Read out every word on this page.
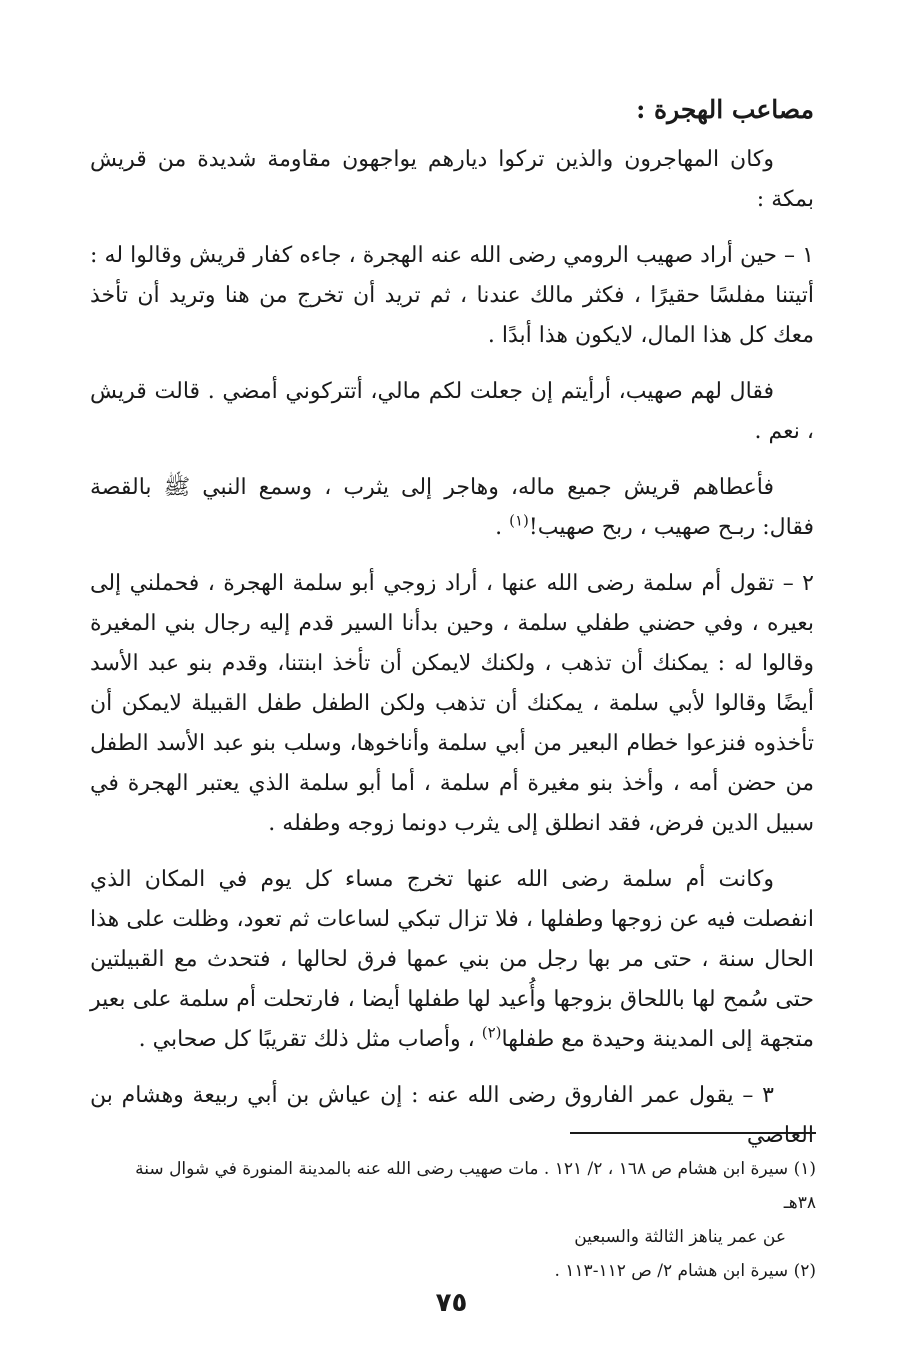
مصاعب الهجرة :

وكان المهاجرون والذين تركوا ديارهم يواجهون مقاومة شديدة من قريش بمكة :

١ – حين أراد صهيب الرومي رضى الله عنه الهجرة ، جاءه كفار قريش وقالوا له : أتيتنا مفلسًا حقيرًا ، فكثر مالك عندنا ، ثم تريد أن تخرج من هنا وتريد أن تأخذ معك كل هذا المال، لايكون هذا أبدًا .

فقال لهم صهيب، أرأيتم إن جعلت لكم مالي، أتتركوني أمضي . قالت قريش ، نعم .

فأعطاهم قريش جميع ماله، وهاجر إلى يثرب ، وسمع النبي ﷺ بالقصة فقال: ربـح صهيب ، ربح صهيب!$^{(١)}$ .

٢ – تقول أم سلمة رضى الله عنها ، أراد زوجي أبو سلمة الهجرة ، فحملني إلى بعيره ، وفي حضني طفلي سلمة ، وحين بدأنا السير قدم إليه رجال بني المغيرة وقالوا له : يمكنك أن تذهب ، ولكنك لايمكن أن تأخذ ابنتنا، وقدم بنو عبد الأسد أيضًا وقالوا لأبي سلمة ، يمكنك أن تذهب ولكن الطفل طفل القبيلة لايمكن أن تأخذوه فنزعوا خطام البعير من أبي سلمة وأناخوها، وسلب بنو عبد الأسد الطفل من حضن أمه ، وأخذ بنو مغيرة أم سلمة ، أما أبو سلمة الذي يعتبر الهجرة في سبيل الدين فرض، فقد انطلق إلى يثرب دونما زوجه وطفله .

وكانت أم سلمة رضى الله عنها تخرج مساء كل يوم في المكان الذي انفصلت فيه عن زوجها وطفلها ، فلا تزال تبكي لساعات ثم تعود، وظلت على هذا الحال سنة ، حتى مر بها رجل من بني عمها فرق لحالها ، فتحدث مع القبيلتين حتى سُمح لها باللحاق بزوجها وأُعيد لها طفلها أيضا ، فارتحلت أم سلمة على بعير متجهة إلى المدينة وحيدة مع طفلها$^{(٢)}$ ، وأصاب مثل ذلك تقريبًا كل صحابي .

٣ – يقول عمر الفاروق رضى الله عنه : إن عياش بن أبي ربيعة وهشام بن العاصي

(١) سيرة ابن هشام ص ١٦٨ ، ٢/ ١٢١ . مات صهيب رضى الله عنه بالمدينة المنورة في شوال سنة ٣٨هـ

عن عمر يناهز الثالثة والسبعين

(٢) سيرة ابن هشام ٢/ ص ١١٢-١١٣ .

٧٥
